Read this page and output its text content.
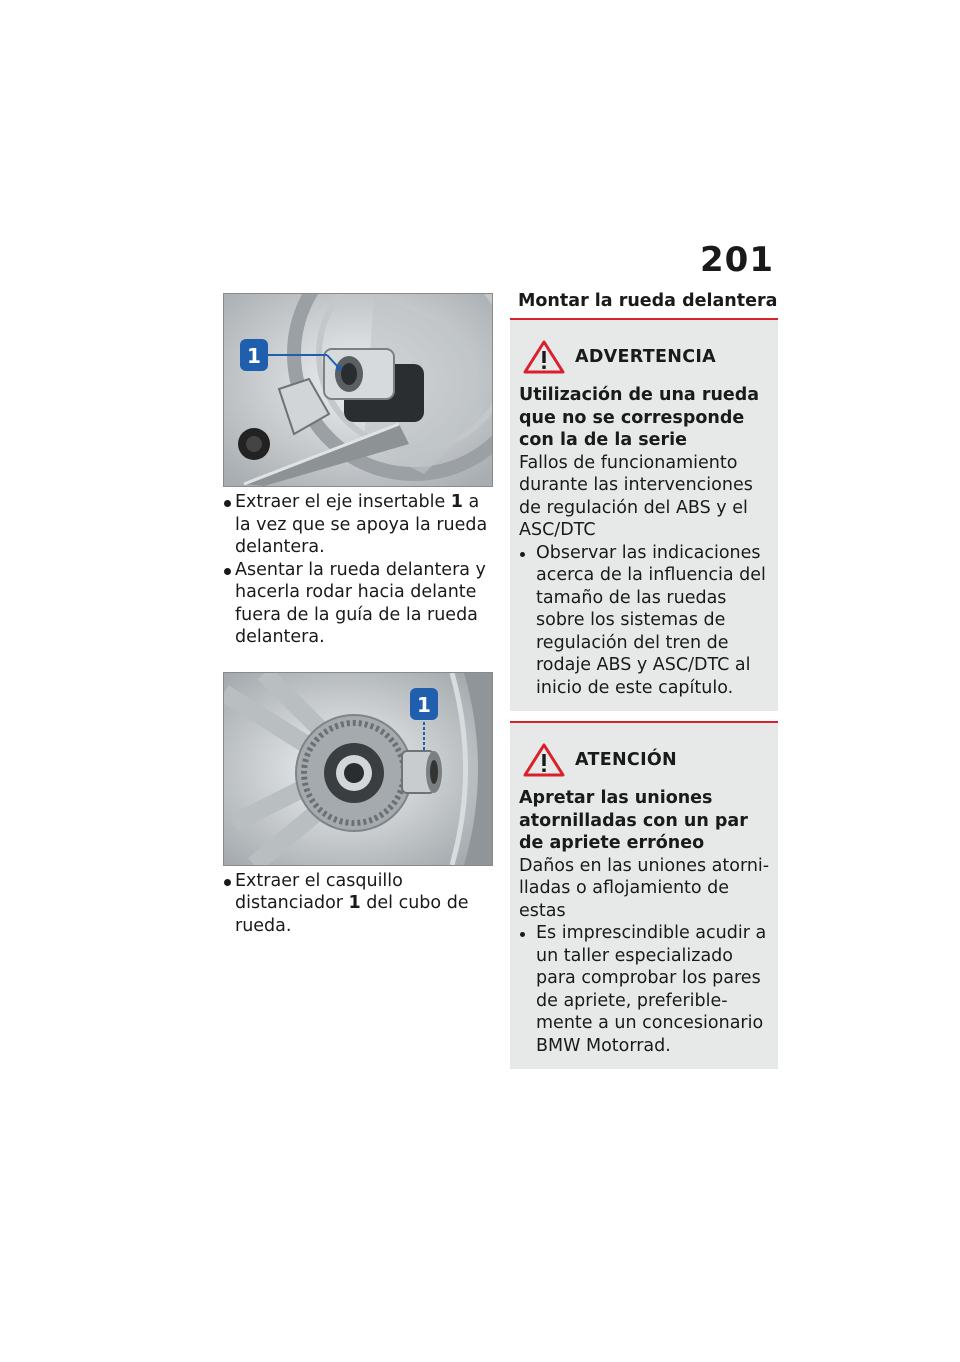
201
1
Extraer el eje insertable 1 a la vez que se apoya la rueda delantera.
Asentar la rueda delantera y hacerla rodar hacia delante fuera de la guía de la rueda delantera.
1
Extraer el casquillo distanciador 1 del cubo de rueda.
Montar la rueda delantera
ADVERTENCIA

Utilización de una rueda que no se corresponde con la de la serie

Fallos de funcionamiento durante las intervenciones de regulación del ABS y el ASC/DTC

Observar las indicaciones acerca de la influencia del tamaño de las ruedas sobre los sistemas de regulación del tren de rodaje ABS y ASC/DTC al inicio de este capítulo.
ATENCIÓN

Apretar las uniones atornilladas con un par de apriete erróneo

Daños en las uniones atornilladas o aflojamiento de estas

Es imprescindible acudir a un taller especializado para comprobar los pares de apriete, preferiblemente a un concesionario BMW Motorrad.
